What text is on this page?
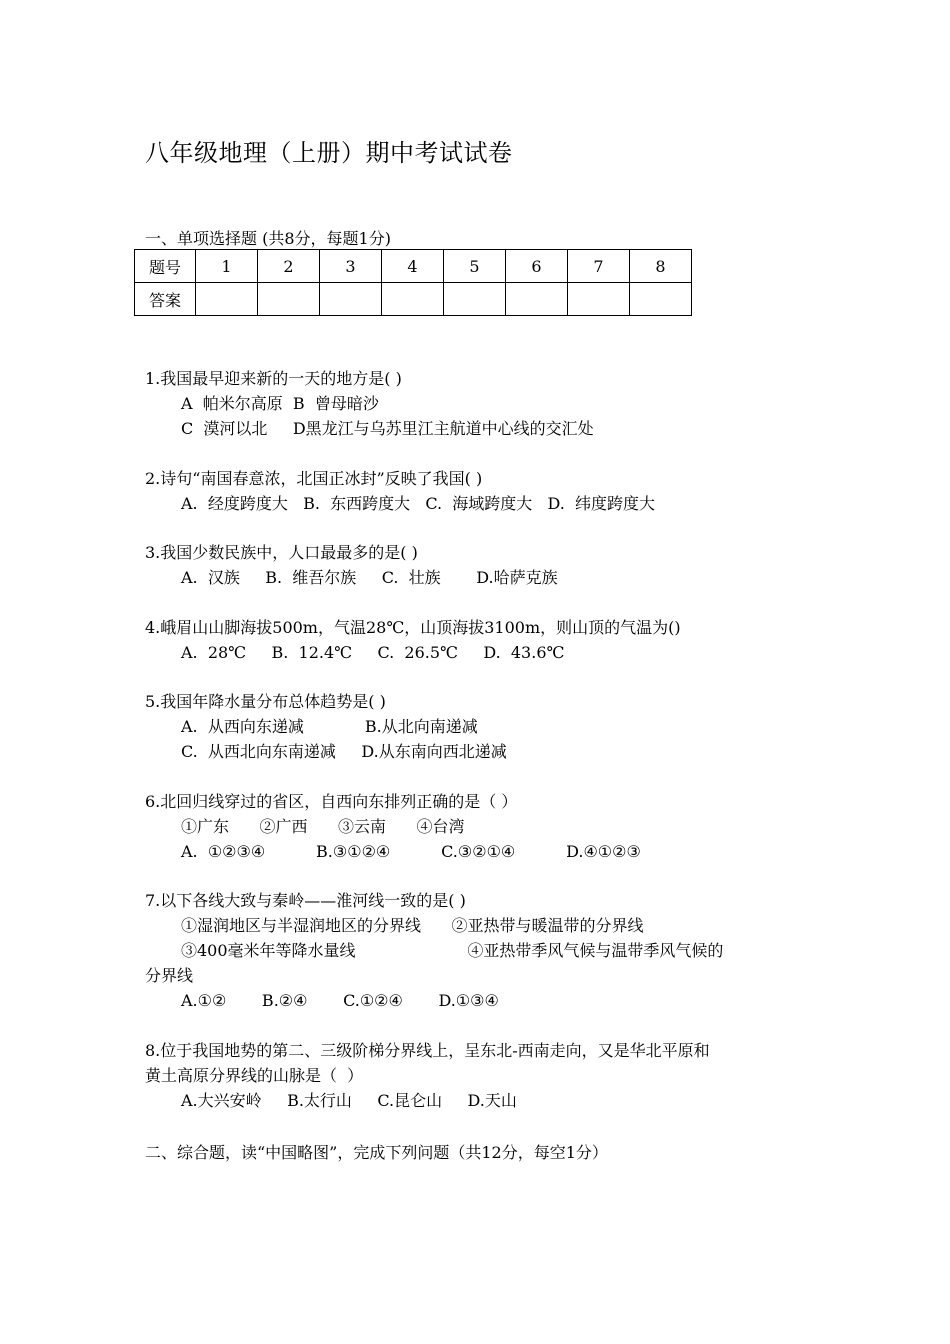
八年级地理（上册）期中考试试卷
一、单项选择题 (共8分，每题1分)
题号	1	2	3	4	5	6	7	8
答案								
1.我国最早迎来新的一天的地方是( )
A  帕米尔高原  B  曾母暗沙
C  漠河以北     D黑龙江与乌苏里江主航道中心线的交汇处
2.诗句“南国春意浓，北国正冰封”反映了我国( )
A.  经度跨度大   B.  东西跨度大   C.  海域跨度大   D.  纬度跨度大
3.我国少数民族中，人口最最多的是( )
A.  汉族     B.  维吾尔族     C.  壮族       D.哈萨克族
4.峨眉山山脚海拔500m，气温28℃，山顶海拔3100m，则山顶的气温为()
A.  28℃     B.  12.4℃     C.  26.5℃     D.  43.6℃
5.我国年降水量分布总体趋势是( )
A.  从西向东递减            B.从北向南递减
C.  从西北向东南递减     D.从东南向西北递减
6.北回归线穿过的省区，自西向东排列正确的是（ ）
①广东      ②广西      ③云南      ④台湾
A.  ①②③④          B.③①②④          C.③②①④          D.④①②③
7.以下各线大致与秦岭——淮河线一致的是( )
①湿润地区与半湿润地区的分界线      ②亚热带与暖温带的分界线
③400毫米年等降水量线                      ④亚热带季风气候与温带季风气候的
分界线
A.①②       B.②④       C.①②④       D.①③④
8.位于我国地势的第二、三级阶梯分界线上，呈东北-西南走向，又是华北平原和
黄土高原分界线的山脉是（  ）
A.大兴安岭     B.太行山     C.昆仑山     D.天山
二、综合题，读“中国略图”，完成下列问题（共12分，每空1分）
